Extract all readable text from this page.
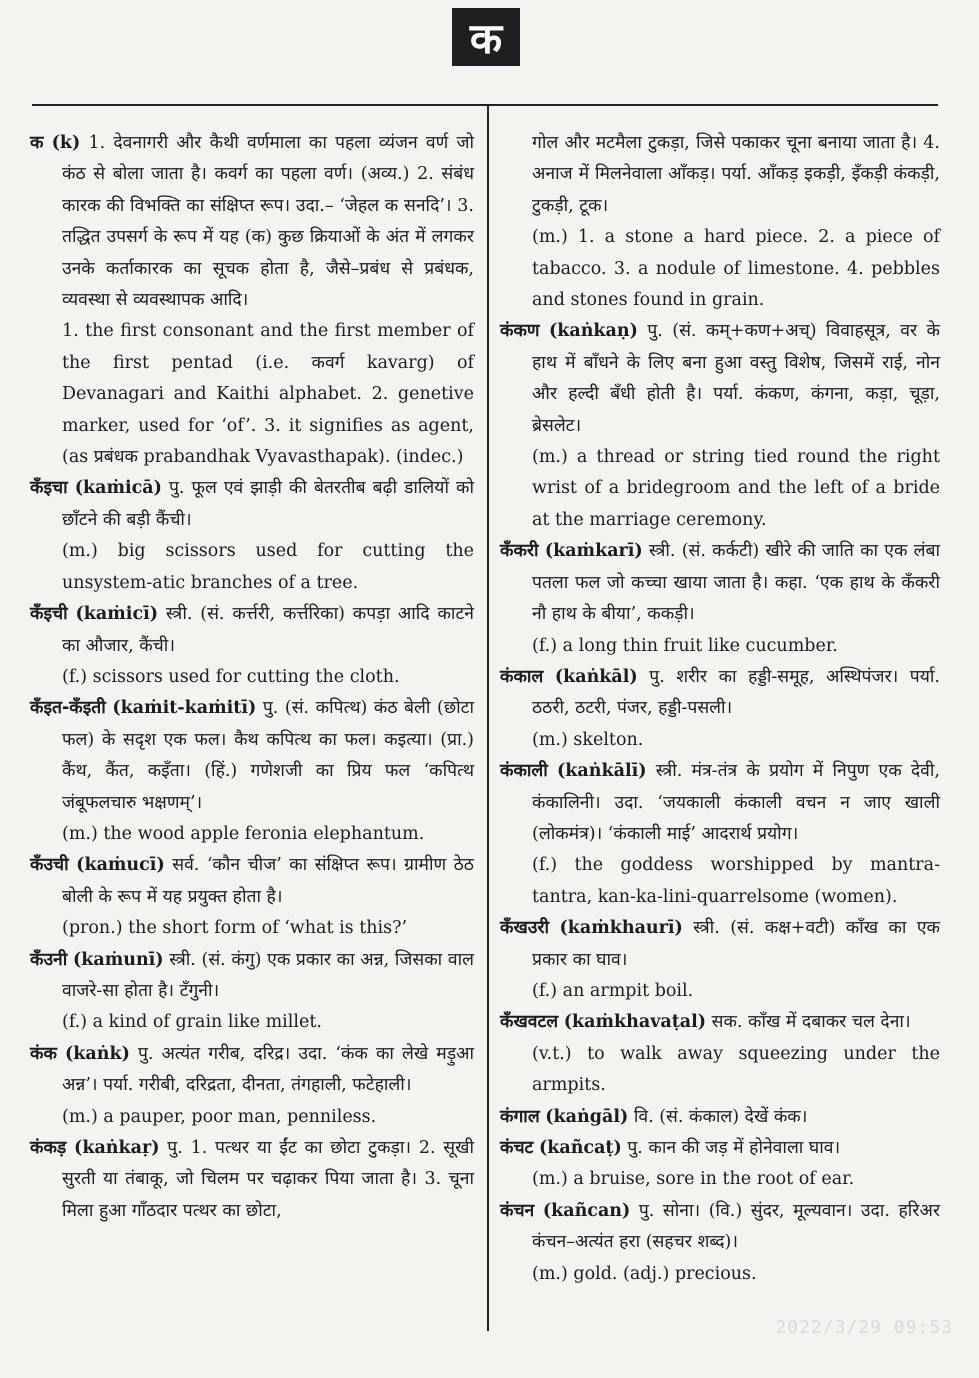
क
क (k) 1. देवनागरी और कैथी वर्णमाला का पहला व्यंजन वर्ण जो कंठ से बोला जाता है। कवर्ग का पहला वर्ण। (अव्य.) 2. संबंध कारक की विभक्ति का संक्षिप्त रूप। उदा.– ‘जेहल क सनदि’। 3. तद्धित उपसर्ग के रूप में यह (क) कुछ क्रियाओं के अंत में लगकर उनके कर्ताकारक का सूचक होता है, जैसे–प्रबंध से प्रबंधक, व्यवस्था से व्यवस्थापक आदि।
1. the first consonant and the first member of the first pentad (i.e. कवर्ग kavarg) of Devanagari and Kaithi alphabet. 2. genetive marker, used for ‘of’. 3. it signifies as agent, (as प्रबंधक prabandhak Vyavasthapak). (indec.)
कँइचा (kaṁicā) पु. फूल एवं झाड़ी की बेतरतीब बढ़ी डालियों को छाँटने की बड़ी कैंची।
(m.) big scissors used for cutting the unsystem-atic branches of a tree.
कँइची (kaṁicī) स्त्री. (सं. कर्त्तरी, कर्त्तरिका) कपड़ा आदि काटने का औजार, कैंची।
(f.) scissors used for cutting the cloth.
कँइत-कँइती (kaṁit-kaṁitī) पु. (सं. कपित्थ) कंठ बेली (छोटा फल) के सदृश एक फल। कैथ कपित्थ का फल। कइत्या। (प्रा.) कैंथ, कैंत, कइँता। (हिं.) गणेशजी का प्रिय फल ‘कपित्थ जंबूफलचारु भक्षणम्’।
(m.) the wood apple feronia elephantum.
कँउची (kaṁucī) सर्व. ‘कौन चीज’ का संक्षिप्त रूप। ग्रामीण ठेठ बोली के रूप में यह प्रयुक्त होता है।
(pron.) the short form of ‘what is this?’
कँउनी (kaṁunī) स्त्री. (सं. कंगु) एक प्रकार का अन्न, जिसका वाल वाजरे-सा होता है। टँगुनी।
(f.) a kind of grain like millet.
कंक (kaṅk) पु. अत्यंत गरीब, दरिद्र। उदा. ‘कंक का लेखे मड़ुआ अन्न’। पर्या. गरीबी, दरिद्रता, दीनता, तंगहाली, फटेहाली।
(m.) a pauper, poor man, penniless.
कंकड़ (kaṅkaṛ) पु. 1. पत्थर या ईंट का छोटा टुकड़ा। 2. सूखी सुरती या तंबाकू, जो चिलम पर चढ़ाकर पिया जाता है। 3. चूना मिला हुआ गाँठदार पत्थर का छोटा,
गोल और मटमैला टुकड़ा, जिसे पकाकर चूना बनाया जाता है। 4. अनाज में मिलनेवाला आँकड़। पर्या. आँकड़ इकड़ी, इँकड़ी कंकड़ी, टुकड़ी, टूक।
(m.) 1. a stone a hard piece. 2. a piece of tabacco. 3. a nodule of limestone. 4. pebbles and stones found in grain.
कंकण (kaṅkaṇ) पु. (सं. कम्+कण+अच्) विवाहसूत्र, वर के हाथ में बाँधने के लिए बना हुआ वस्तु विशेष, जिसमें राई, नोन और हल्दी बँधी होती है। पर्या. कंकण, कंगना, कड़ा, चूड़ा, ब्रेसलेट।
(m.) a thread or string tied round the right wrist of a bridegroom and the left of a bride at the marriage ceremony.
कँकरी (kaṁkarī) स्त्री. (सं. कर्कटी) खीरे की जाति का एक लंबा पतला फल जो कच्चा खाया जाता है। कहा. ‘एक हाथ के कँकरी नौ हाथ के बीया’, ककड़ी।
(f.) a long thin fruit like cucumber.
कंकाल (kaṅkāl) पु. शरीर का हड्डी-समूह, अस्थिपंजर। पर्या. ठठरी, ठटरी, पंजर, हड्डी-पसली।
(m.) skelton.
कंकाली (kaṅkālī) स्त्री. मंत्र-तंत्र के प्रयोग में निपुण एक देवी, कंकालिनी। उदा. ‘जयकाली कंकाली वचन न जाए खाली (लोकमंत्र)। ‘कंकाली माई’ आदरार्थ प्रयोग।
(f.) the goddess worshipped by mantra-tantra, kan-ka-lini-quarrelsome (women).
कँखउरी (kaṁkhaurī) स्त्री. (सं. कक्ष+वटी) काँख का एक प्रकार का घाव।
(f.) an armpit boil.
कँखवटल (kaṁkhavaṭal) सक. काँख में दबाकर चल देना।
(v.t.) to walk away squeezing under the armpits.
कंगाल (kaṅgāl) वि. (सं. कंकाल) देखें कंक।
कंचट (kañcaṭ) पु. कान की जड़ में होनेवाला घाव।
(m.) a bruise, sore in the root of ear.
कंचन (kañcan) पु. सोना। (वि.) सुंदर, मूल्यवान। उदा. हरिअर कंचन–अत्यंत हरा (सहचर शब्द)।
(m.) gold. (adj.) precious.
2022/3/29 09:53
